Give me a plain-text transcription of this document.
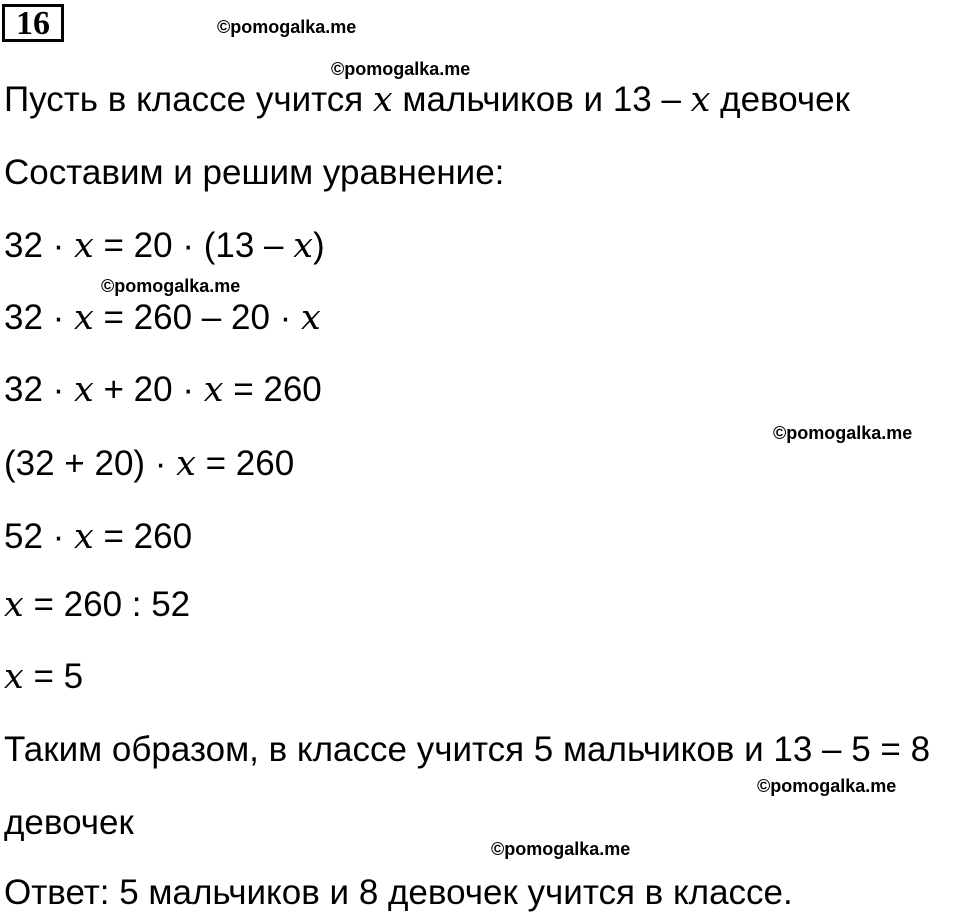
16	©pomogalka.me
©pomogalka.me
©pomogalka.me
©pomogalka.me
©pomogalka.me
©pomogalka.me
Пусть в классе учится x мальчиков и 13 – x девочек
Составим и решим уравнение:
32 · x = 20 · (13 – x)
32 · x = 260 – 20 · x
32 · x + 20 · x = 260
(32 + 20) · x = 260
52 · x = 260
x = 260 : 52
x = 5
Таким образом, в классе учится 5 мальчиков и 13 – 5 = 8
девочек
Ответ: 5 мальчиков и 8 девочек учится в классе.
